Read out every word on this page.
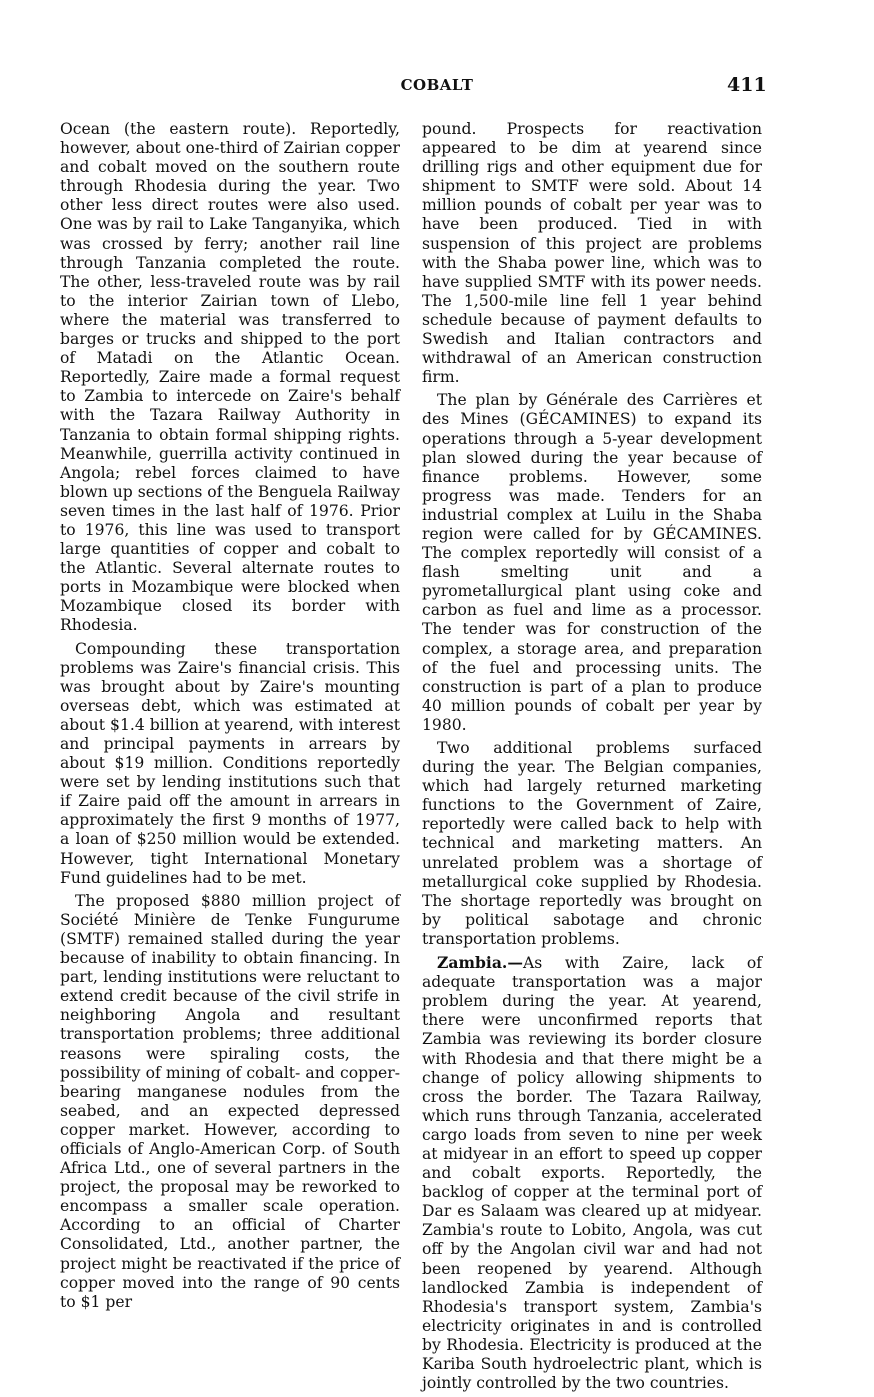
COBALT	411

Ocean (the eastern route). Reportedly, however, about one-third of Zairian copper and cobalt moved on the southern route through Rhodesia during the year. Two other less direct routes were also used. One was by rail to Lake Tanganyika, which was crossed by ferry; another rail line through Tanzania completed the route. The other, less-traveled route was by rail to the interior Zairian town of Llebo, where the material was transferred to barges or trucks and shipped to the port of Matadi on the Atlantic Ocean. Reportedly, Zaire made a formal request to Zambia to intercede on Zaire's behalf with the Tazara Railway Authority in Tanzania to obtain formal shipping rights. Meanwhile, guerrilla activity continued in Angola; rebel forces claimed to have blown up sections of the Benguela Railway seven times in the last half of 1976. Prior to 1976, this line was used to transport large quantities of copper and cobalt to the Atlantic. Several alternate routes to ports in Mozambique were blocked when Mozambique closed its border with Rhodesia.

Compounding these transportation problems was Zaire's financial crisis. This was brought about by Zaire's mounting overseas debt, which was estimated at about $1.4 billion at yearend, with interest and principal payments in arrears by about $19 million. Conditions reportedly were set by lending institutions such that if Zaire paid off the amount in arrears in approximately the first 9 months of 1977, a loan of $250 million would be extended. However, tight International Monetary Fund guidelines had to be met.

The proposed $880 million project of Société Minière de Tenke Fungurume (SMTF) remained stalled during the year because of inability to obtain financing. In part, lending institutions were reluctant to extend credit because of the civil strife in neighboring Angola and resultant transportation problems; three additional reasons were spiraling costs, the possibility of mining of cobalt- and copper-bearing manganese nodules from the seabed, and an expected depressed copper market. However, according to officials of Anglo-American Corp. of South Africa Ltd., one of several partners in the project, the proposal may be reworked to encompass a smaller scale operation. According to an official of Charter Consolidated, Ltd., another partner, the project might be reactivated if the price of copper moved into the range of 90 cents to $1 per

pound. Prospects for reactivation appeared to be dim at yearend since drilling rigs and other equipment due for shipment to SMTF were sold. About 14 million pounds of cobalt per year was to have been produced. Tied in with suspension of this project are problems with the Shaba power line, which was to have supplied SMTF with its power needs. The 1,500-mile line fell 1 year behind schedule because of payment defaults to Swedish and Italian contractors and withdrawal of an American construction firm.

The plan by Générale des Carrières et des Mines (GÉCAMINES) to expand its operations through a 5-year development plan slowed during the year because of finance problems. However, some progress was made. Tenders for an industrial complex at Luilu in the Shaba region were called for by GÉCAMINES. The complex reportedly will consist of a flash smelting unit and a pyrometallurgical plant using coke and carbon as fuel and lime as a processor. The tender was for construction of the complex, a storage area, and preparation of the fuel and processing units. The construction is part of a plan to produce 40 million pounds of cobalt per year by 1980.

Two additional problems surfaced during the year. The Belgian companies, which had largely returned marketing functions to the Government of Zaire, reportedly were called back to help with technical and marketing matters. An unrelated problem was a shortage of metallurgical coke supplied by Rhodesia. The shortage reportedly was brought on by political sabotage and chronic transportation problems.

Zambia.—As with Zaire, lack of adequate transportation was a major problem during the year. At yearend, there were unconfirmed reports that Zambia was reviewing its border closure with Rhodesia and that there might be a change of policy allowing shipments to cross the border. The Tazara Railway, which runs through Tanzania, accelerated cargo loads from seven to nine per week at midyear in an effort to speed up copper and cobalt exports. Reportedly, the backlog of copper at the terminal port of Dar es Salaam was cleared up at midyear. Zambia's route to Lobito, Angola, was cut off by the Angolan civil war and had not been reopened by yearend. Although landlocked Zambia is independent of Rhodesia's transport system, Zambia's electricity originates in and is controlled by Rhodesia. Electricity is produced at the Kariba South hydroelectric plant, which is jointly controlled by the two countries.
